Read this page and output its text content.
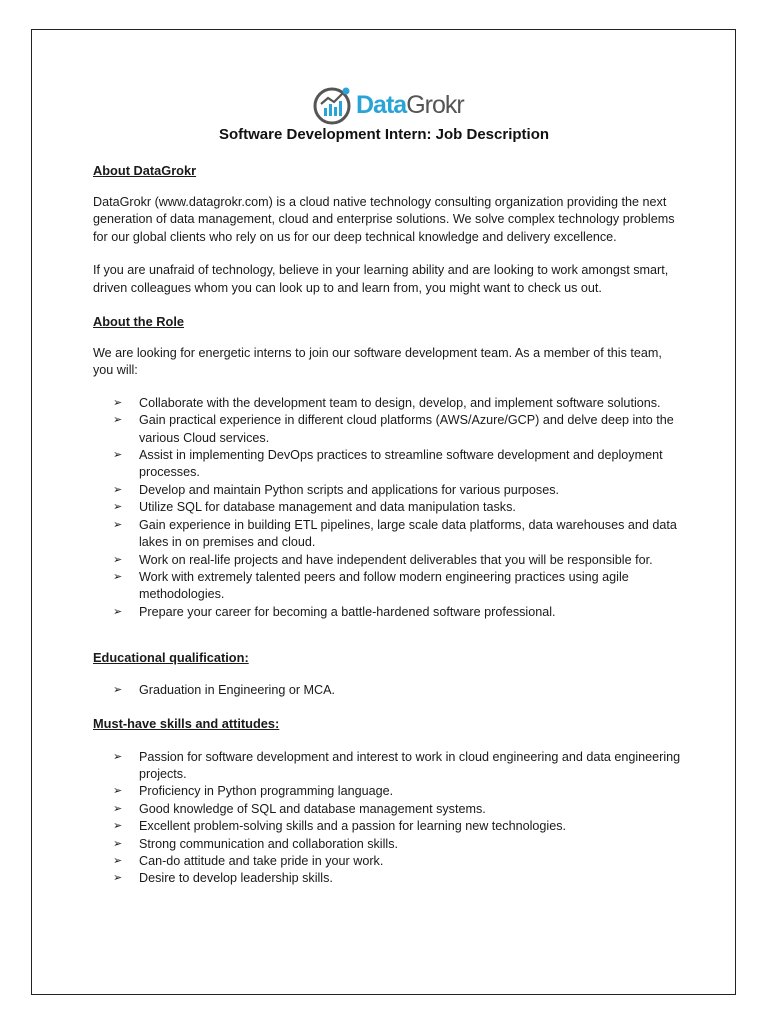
DataGrokr
Software Development Intern: Job Description
About DataGrokr

DataGrokr (www.datagrokr.com) is a cloud native technology consulting organization providing the next generation of data management, cloud and enterprise solutions. We solve complex technology problems for our global clients who rely on us for our deep technical knowledge and delivery excellence.

If you are unafraid of technology, believe in your learning ability and are looking to work amongst smart, driven colleagues whom you can look up to and learn from, you might want to check us out.

About the Role

We are looking for energetic interns to join our software development team. As a member of this team, you will:

➢ Collaborate with the development team to design, develop, and implement software solutions.
➢ Gain practical experience in different cloud platforms (AWS/Azure/GCP) and delve deep into the various Cloud services.
➢ Assist in implementing DevOps practices to streamline software development and deployment processes.
➢ Develop and maintain Python scripts and applications for various purposes.
➢ Utilize SQL for database management and data manipulation tasks.
➢ Gain experience in building ETL pipelines, large scale data platforms, data warehouses and data lakes in on premises and cloud.
➢ Work on real-life projects and have independent deliverables that you will be responsible for.
➢ Work with extremely talented peers and follow modern engineering practices using agile methodologies.
➢ Prepare your career for becoming a battle-hardened software professional.
Educational qualification:
➢ Graduation in Engineering or MCA.
Must-have skills and attitudes:
➢ Passion for software development and interest to work in cloud engineering and data engineering projects.
➢ Proficiency in Python programming language.
➢ Good knowledge of SQL and database management systems.
➢ Excellent problem-solving skills and a passion for learning new technologies.
➢ Strong communication and collaboration skills.
➢ Can-do attitude and take pride in your work.
➢ Desire to develop leadership skills.
